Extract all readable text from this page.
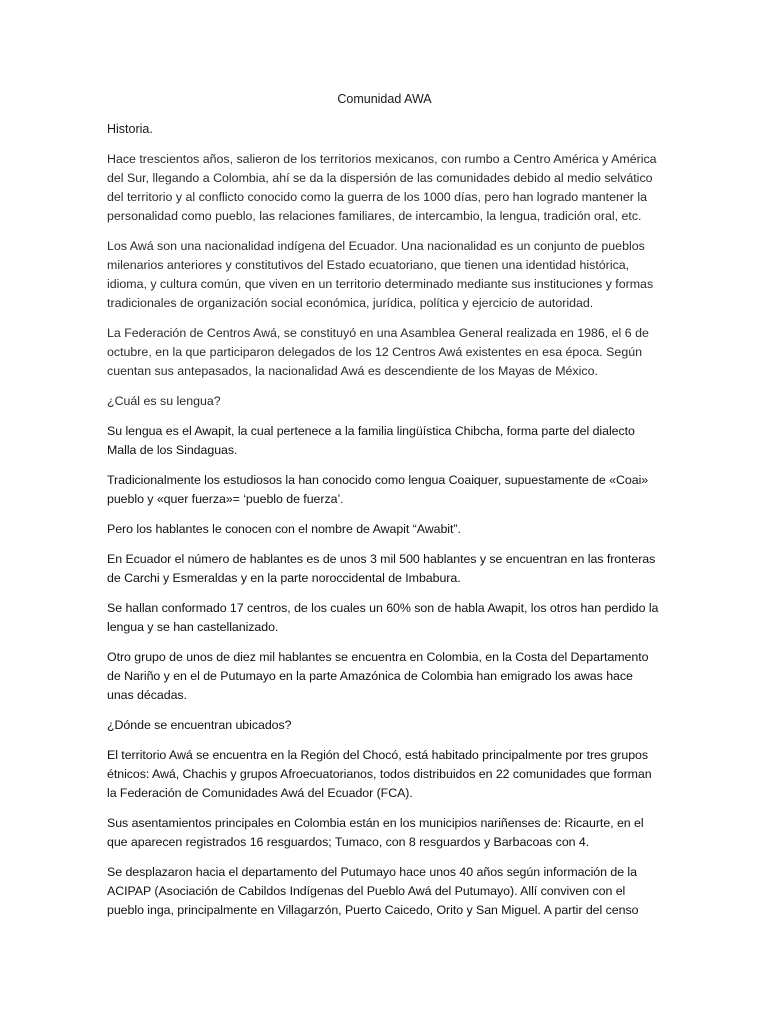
Comunidad AWA
Historia.

Hace trescientos años, salieron de los territorios mexicanos, con rumbo a Centro América y América del Sur, llegando a Colombia, ahí se da la dispersión de las comunidades debido al medio selvático del territorio y al conflicto conocido como la guerra de los 1000 días, pero han logrado mantener la personalidad como pueblo, las relaciones familiares, de intercambio, la lengua, tradición oral, etc.

Los Awá son una nacionalidad indígena del Ecuador. Una nacionalidad es un conjunto de pueblos milenarios anteriores y constitutivos del Estado ecuatoriano, que tienen una identidad histórica, idioma, y cultura común, que viven en un territorio determinado mediante sus instituciones y formas tradicionales de organización social económica, jurídica, política y ejercicio de autoridad.

La Federación de Centros Awá, se constituyó en una Asamblea General realizada en 1986, el 6 de octubre, en la que participaron delegados de los 12 Centros Awá existentes en esa época. Según cuentan sus antepasados, la nacionalidad Awá es descendiente de los Mayas de México.

¿Cuál es su lengua?

Su lengua es el Awapit, la cual pertenece a la familia lingüística Chibcha, forma parte del dialecto Malla de los Sindaguas.

Tradicionalmente los estudiosos la han conocido como lengua Coaiquer, supuestamente de «Coai» pueblo y «quer fuerza»= ‘pueblo de fuerza’.

Pero los hablantes le conocen con el nombre de Awapit “Awabit”.

En Ecuador el número de hablantes es de unos 3 mil 500 hablantes y se encuentran en las fronteras de Carchi y Esmeraldas y en la parte noroccidental de Imbabura.

Se hallan conformado 17 centros, de los cuales un 60% son de habla Awapit, los otros han perdido la lengua y se han castellanizado.

Otro grupo de unos de diez mil hablantes se encuentra en Colombia, en la Costa del Departamento de Nariño y en el de Putumayo en la parte Amazónica de Colombia han emigrado los awas hace unas décadas.

¿Dónde se encuentran ubicados?

El territorio Awá se encuentra en la Región del Chocó, está habitado principalmente por tres grupos étnicos: Awá, Chachis y grupos Afroecuatorianos, todos distribuidos en 22 comunidades que forman la Federación de Comunidades Awá del Ecuador (FCA).

Sus asentamientos principales en Colombia están en los municipios nariñenses de: Ricaurte, en el que aparecen registrados 16 resguardos; Tumaco, con 8 resguardos y Barbacoas con 4.

Se desplazaron hacia el departamento del Putumayo hace unos 40 años según información de la ACIPAP (Asociación de Cabildos Indígenas del Pueblo Awá del Putumayo). Allí conviven con el pueblo inga, principalmente en Villagarzón, Puerto Caicedo, Orito y San Miguel. A partir del censo
